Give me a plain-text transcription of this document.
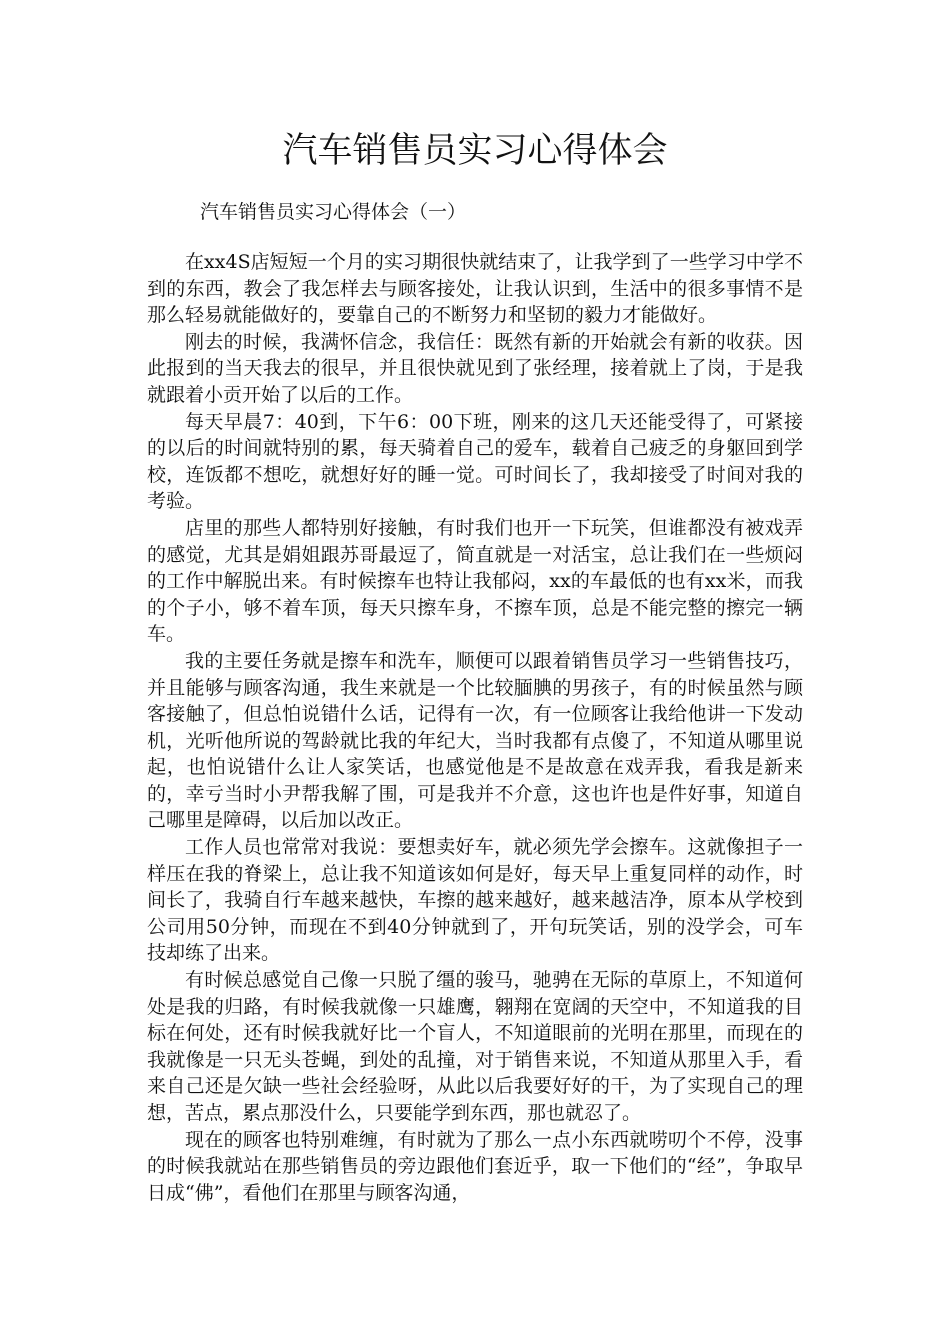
汽车销售员实习心得体会

汽车销售员实习心得体会（一）

在xx4S店短短一个月的实习期很快就结束了，让我学到了一些学习中学不到的东西，教会了我怎样去与顾客接处，让我认识到，生活中的很多事情不是那么轻易就能做好的，要靠自己的不断努力和坚韧的毅力才能做好。

刚去的时候，我满怀信念，我信任：既然有新的开始就会有新的收获。因此报到的当天我去的很早，并且很快就见到了张经理，接着就上了岗，于是我就跟着小贡开始了以后的工作。

每天早晨7：40到，下午6：00下班，刚来的这几天还能受得了，可紧接的以后的时间就特别的累，每天骑着自己的爱车，载着自己疲乏的身躯回到学校，连饭都不想吃，就想好好的睡一觉。可时间长了，我却接受了时间对我的考验。

店里的那些人都特别好接触，有时我们也开一下玩笑，但谁都没有被戏弄的感觉，尤其是娟姐跟苏哥最逗了，简直就是一对活宝，总让我们在一些烦闷的工作中解脱出来。有时候擦车也特让我郁闷，xx的车最低的也有xx米，而我的个子小，够不着车顶，每天只擦车身，不擦车顶，总是不能完整的擦完一辆车。

我的主要任务就是擦车和洗车，顺便可以跟着销售员学习一些销售技巧，并且能够与顾客沟通，我生来就是一个比较腼腆的男孩子，有的时候虽然与顾客接触了，但总怕说错什么话，记得有一次，有一位顾客让我给他讲一下发动机，光听他所说的驾龄就比我的年纪大，当时我都有点傻了，不知道从哪里说起，也怕说错什么让人家笑话，也感觉他是不是故意在戏弄我，看我是新来的，幸亏当时小尹帮我解了围，可是我并不介意，这也许也是件好事，知道自己哪里是障碍，以后加以改正。

工作人员也常常对我说：要想卖好车，就必须先学会擦车。这就像担子一样压在我的脊梁上，总让我不知道该如何是好，每天早上重复同样的动作，时间长了，我骑自行车越来越快，车擦的越来越好，越来越洁净，原本从学校到公司用50分钟，而现在不到40分钟就到了，开句玩笑话，别的没学会，可车技却练了出来。

有时候总感觉自己像一只脱了缰的骏马，驰骋在无际的草原上，不知道何处是我的归路，有时候我就像一只雄鹰，翱翔在宽阔的天空中，不知道我的目标在何处，还有时候我就好比一个盲人，不知道眼前的光明在那里，而现在的我就像是一只无头苍蝇，到处的乱撞，对于销售来说，不知道从那里入手，看来自己还是欠缺一些社会经验呀，从此以后我要好好的干，为了实现自己的理想，苦点，累点那没什么，只要能学到东西，那也就忍了。

现在的顾客也特别难缠，有时就为了那么一点小东西就唠叨个不停，没事的时候我就站在那些销售员的旁边跟他们套近乎，取一下他们的“经”，争取早日成“佛”，看他们在那里与顾客沟通，
